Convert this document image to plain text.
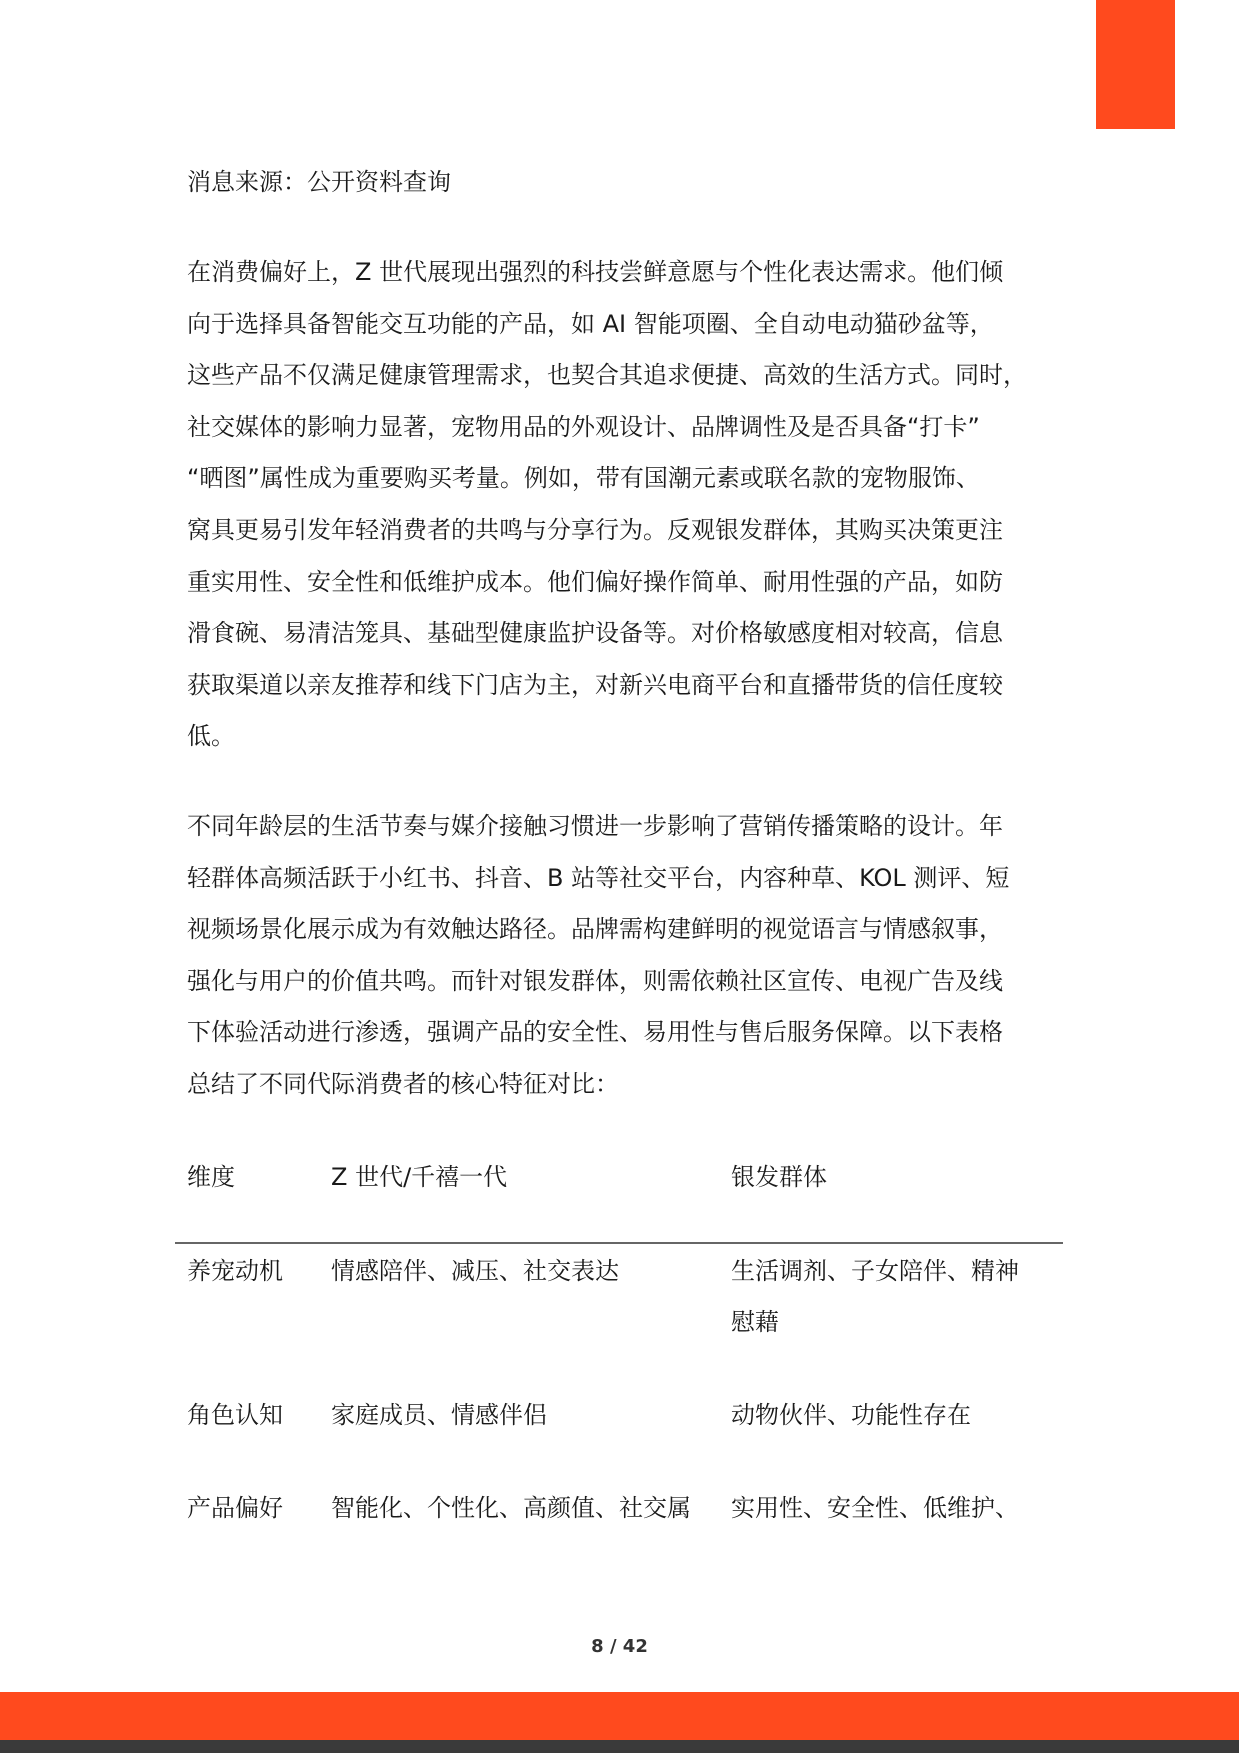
消息来源：公开资料查询
在消费偏好上，Z 世代展现出强烈的科技尝鲜意愿与个性化表达需求。他们倾
向于选择具备智能交互功能的产品，如 AI 智能项圈、全自动电动猫砂盆等，
这些产品不仅满足健康管理需求，也契合其追求便捷、高效的生活方式。同时，
社交媒体的影响力显著，宠物用品的外观设计、品牌调性及是否具备“打卡”
“晒图”属性成为重要购买考量。例如，带有国潮元素或联名款的宠物服饰、
窝具更易引发年轻消费者的共鸣与分享行为。反观银发群体，其购买决策更注
重实用性、安全性和低维护成本。他们偏好操作简单、耐用性强的产品，如防
滑食碗、易清洁笼具、基础型健康监护设备等。对价格敏感度相对较高，信息
获取渠道以亲友推荐和线下门店为主，对新兴电商平台和直播带货的信任度较
低。
不同年龄层的生活节奏与媒介接触习惯进一步影响了营销传播策略的设计。年
轻群体高频活跃于小红书、抖音、B 站等社交平台，内容种草、KOL 测评、短
视频场景化展示成为有效触达路径。品牌需构建鲜明的视觉语言与情感叙事，
强化与用户的价值共鸣。而针对银发群体，则需依赖社区宣传、电视广告及线
下体验活动进行渗透，强调产品的安全性、易用性与售后服务保障。以下表格
总结了不同代际消费者的核心特征对比：
维度	Z 世代/千禧一代	银发群体
养宠动机 情感陪伴、减压、社交表达	生活调剂、子女陪伴、精神
慰藉
角色认知 家庭成员、情感伴侣	动物伙伴、功能性存在
产品偏好 智能化、个性化、高颜值、社交属 实用性、安全性、低维护、
8 / 42
